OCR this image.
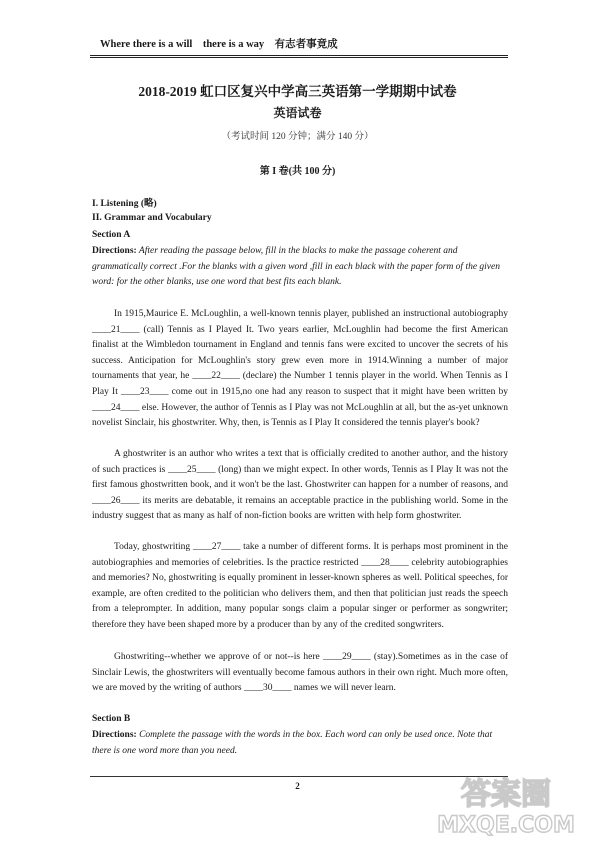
Where there is a will    there is a way    有志者事竟成
2018-2019 虹口区复兴中学高三英语第一学期期中试卷
英语试卷
（考试时间 120 分钟；满分 140 分）
第 I 卷(共 100 分)
I. Listening (略)
II. Grammar and Vocabulary
Section A
Directions: After reading the passage below, fill in the blacks to make the passage coherent and grammatically correct .For the blanks with a given word ,fill in each black with the paper form of the given word: for the other blanks, use one word that best fits each blank.

In 1915,Maurice E. McLoughlin, a well-known tennis player, published an instructional autobiography ____21____ (call) Tennis as I Played It. Two years earlier, McLoughlin had become the first American finalist at the Wimbledon tournament in England and tennis fans were excited to uncover the secrets of his success. Anticipation for McLoughlin's story grew even more in 1914.Winning a number of major tournaments that year, he ____22____ (declare) the Number 1 tennis player in the world. When Tennis as I Play It ____23____ come out in 1915,no one had any reason to suspect that it might have been written by ____24____ else. However, the author of Tennis as I Play was not McLoughlin at all, but the as-yet unknown novelist Sinclair, his ghostwriter. Why, then, is Tennis as I Play It considered the tennis player's book?

A ghostwriter is an author who writes a text that is officially credited to another author, and the history of such practices is ____25____ (long) than we might expect. In other words, Tennis as I Play It was not the first famous ghostwritten book, and it won't be the last. Ghostwriter can happen for a number of reasons, and ____26____ its merits are debatable, it remains an acceptable practice in the publishing world. Some in the industry suggest that as many as half of non-fiction books are written with help form ghostwriter.

Today, ghostwriting ____27____ take a number of different forms. It is perhaps most prominent in the autobiographies and memories of celebrities. Is the practice restricted ____28____ celebrity autobiographies and memories? No, ghostwriting is equally prominent in lesser-known spheres as well. Political speeches, for example, are often credited to the politician who delivers them, and then that politician just reads the speech from a teleprompter. In addition, many popular songs claim a popular singer or performer as songwriter; therefore they have been shaped more by a producer than by any of the credited songwriters.

Ghostwriting--whether we approve of or not--is here ____29____ (stay).Sometimes as in the case of Sinclair Lewis, the ghostwriters will eventually become famous authors in their own right. Much more often, we are moved by the writing of authors ____30____ names we will never learn.

Section B
Directions: Complete the passage with the words in the box. Each word can only be used once. Note that there is one word more than you need.
2	答案圈
MXQE.COM
